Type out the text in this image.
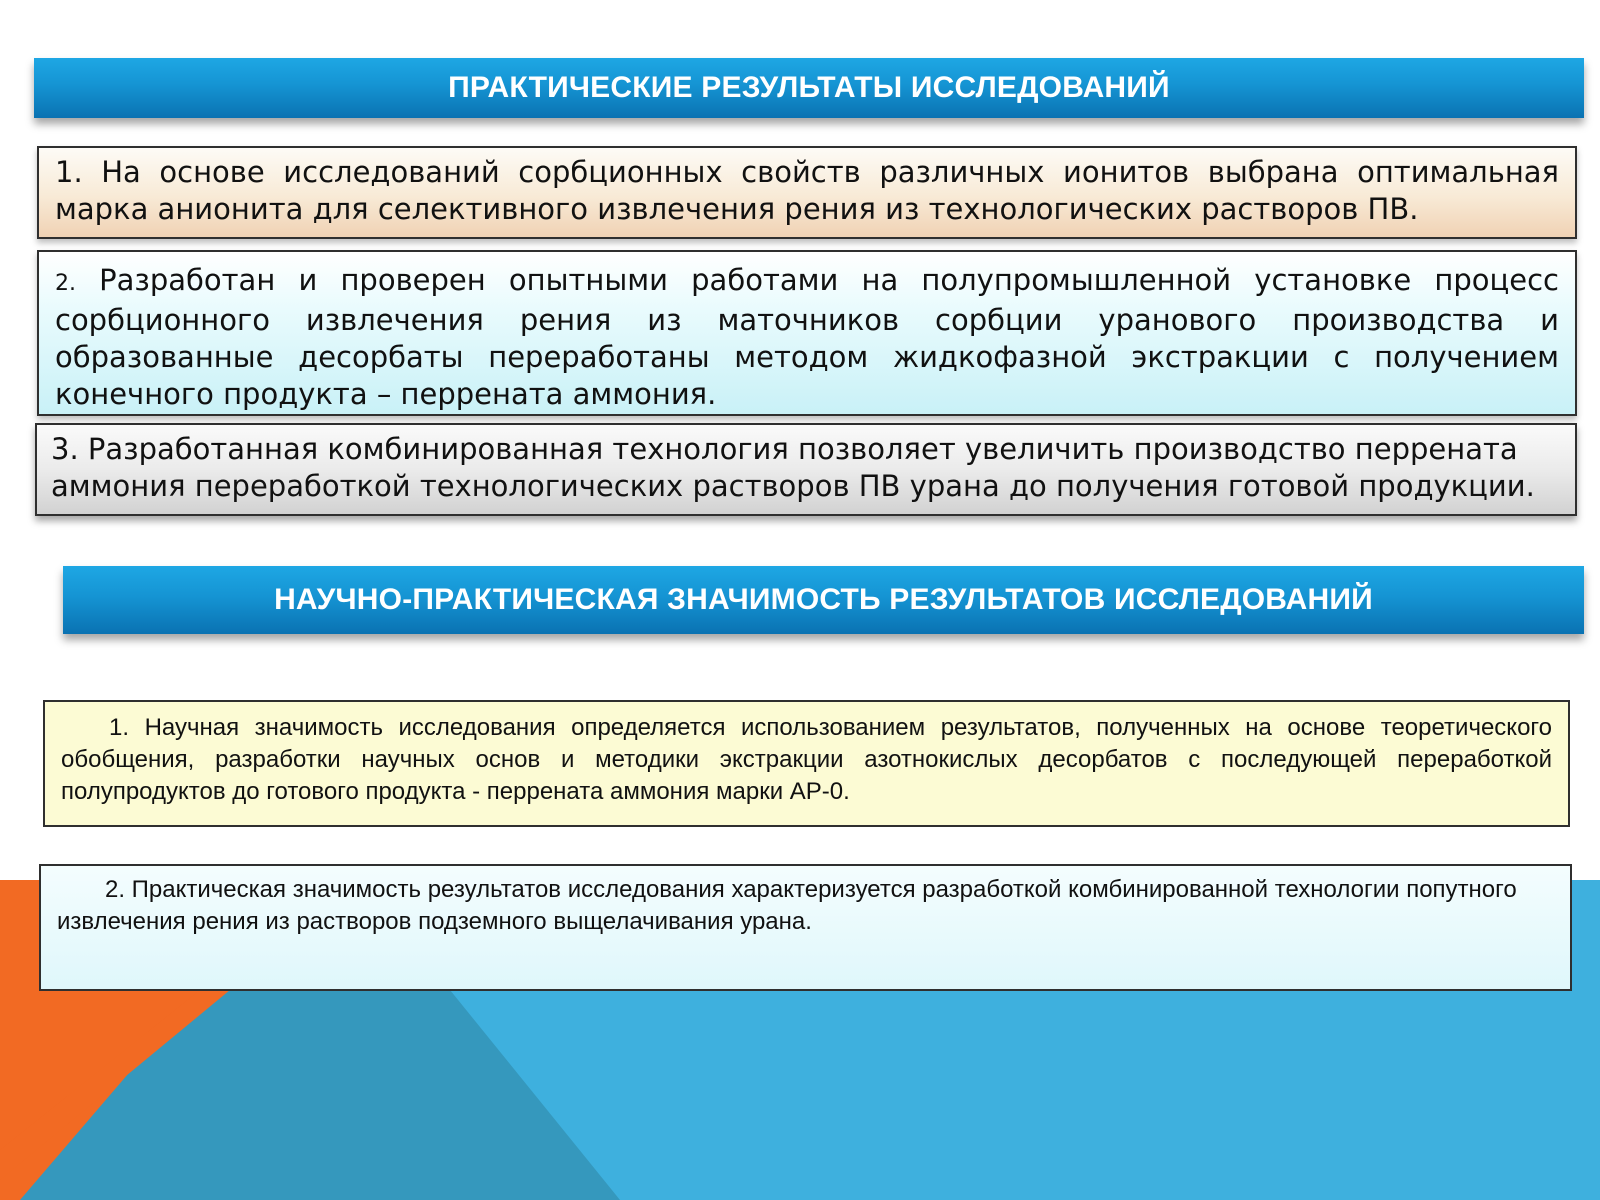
ПРАКТИЧЕСКИЕ РЕЗУЛЬТАТЫ ИССЛЕДОВАНИЙ

1. На основе исследований сорбционных свойств различных ионитов выбрана оптимальная марка анионита для селективного извлечения рения из технологических растворов ПВ.

2. Разработан и проверен опытными работами на полупромышленной установке процесс сорбционного извлечения рения из маточников сорбции уранового производства и образованные десорбаты переработаны методом жидкофазной экстракции с получением конечного продукта – перрената аммония.

3. Разработанная комбинированная технология позволяет увеличить производство перрената аммония переработкой технологических растворов ПВ урана до получения готовой продукции.

НАУЧНО-ПРАКТИЧЕСКАЯ ЗНАЧИМОСТЬ РЕЗУЛЬТАТОВ ИССЛЕДОВАНИЙ

1. Научная значимость исследования определяется использованием результатов, полученных на основе теоретического обобщения, разработки научных основ и методики экстракции азотнокислых десорбатов с последующей переработкой полупродуктов до готового продукта - перрената аммония марки АР-0.

2. Практическая значимость результатов исследования характеризуется разработкой комбинированной технологии попутного извлечения рения из растворов подземного выщелачивания урана.
